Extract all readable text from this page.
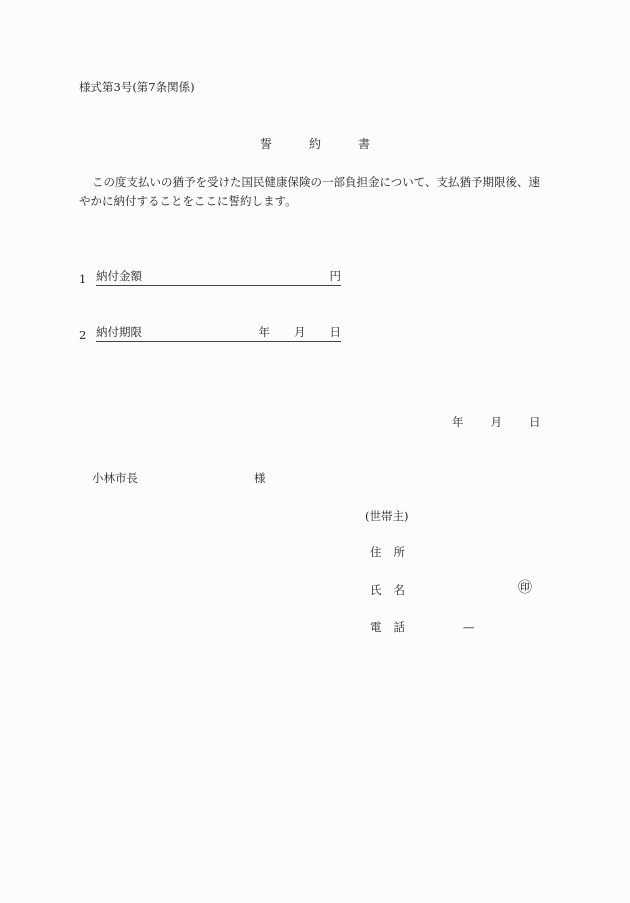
様式第3号(第7条関係)
誓	約	書
この度支払いの猶予を受けた国民健康保険の一部負担金について、支払猶予期限後、速
やかに納付することをここに誓約します。
1 納付金額	円
2 納付期限	年 月 日
年 月 日
小林市長	様
(世帯主)
住 所
氏 名	㊞
電 話	—
